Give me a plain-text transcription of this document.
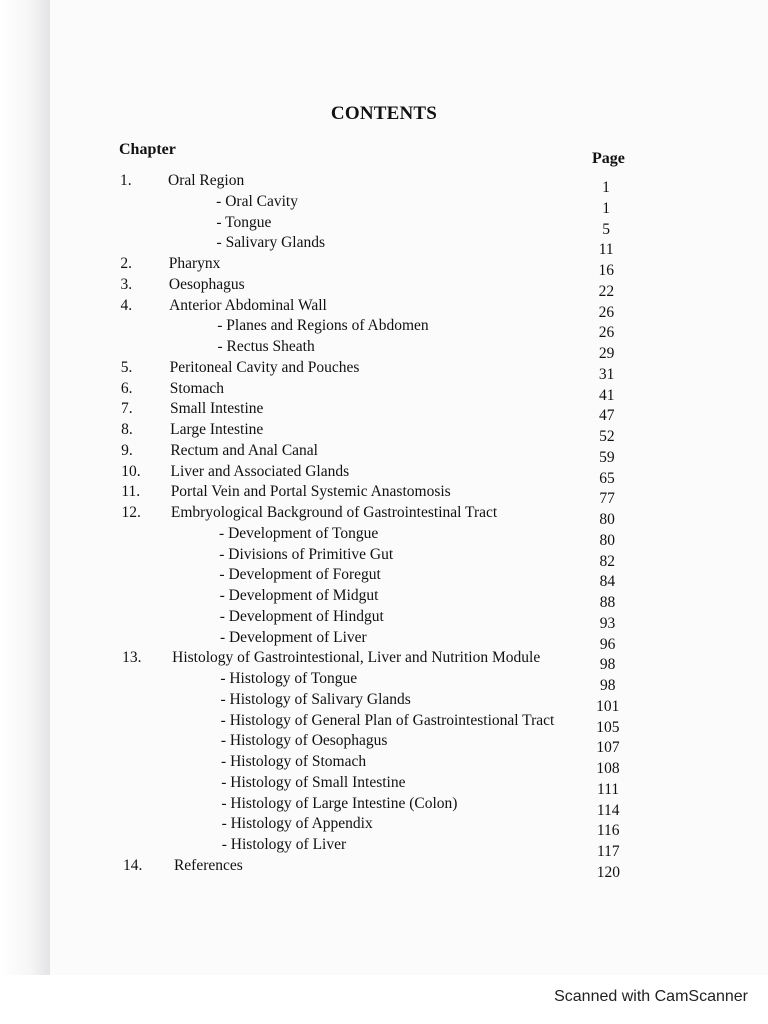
CONTENTS
Chapter
Page
1. Oral Region	1
- Oral Cavity	1
- Tongue	5
- Salivary Glands	11
2. Pharynx	16
3. Oesophagus	22
4. Anterior Abdominal Wall	26
- Planes and Regions of Abdomen	26
- Rectus Sheath	29
5. Peritoneal Cavity and Pouches	31
6. Stomach	41
7. Small Intestine	47
8. Large Intestine	52
9. Rectum and Anal Canal	59
10. Liver and Associated Glands	65
11. Portal Vein and Portal Systemic Anastomosis	77
12. Embryological Background of Gastrointestinal Tract	80
- Development of Tongue	80
- Divisions of Primitive Gut	82
- Development of Foregut	84
- Development of Midgut	88
- Development of Hindgut	93
- Development of Liver	96
13. Histology of Gastrointestional, Liver and Nutrition Module	98
- Histology of Tongue	98
- Histology of Salivary Glands	101
- Histology of General Plan of Gastrointestional Tract	105
- Histology of Oesophagus	107
- Histology of Stomach	108
- Histology of Small Intestine	111
- Histology of Large Intestine (Colon)	114
- Histology of Appendix	116
- Histology of Liver	117
14. References	120
Scanned with CamScanner
